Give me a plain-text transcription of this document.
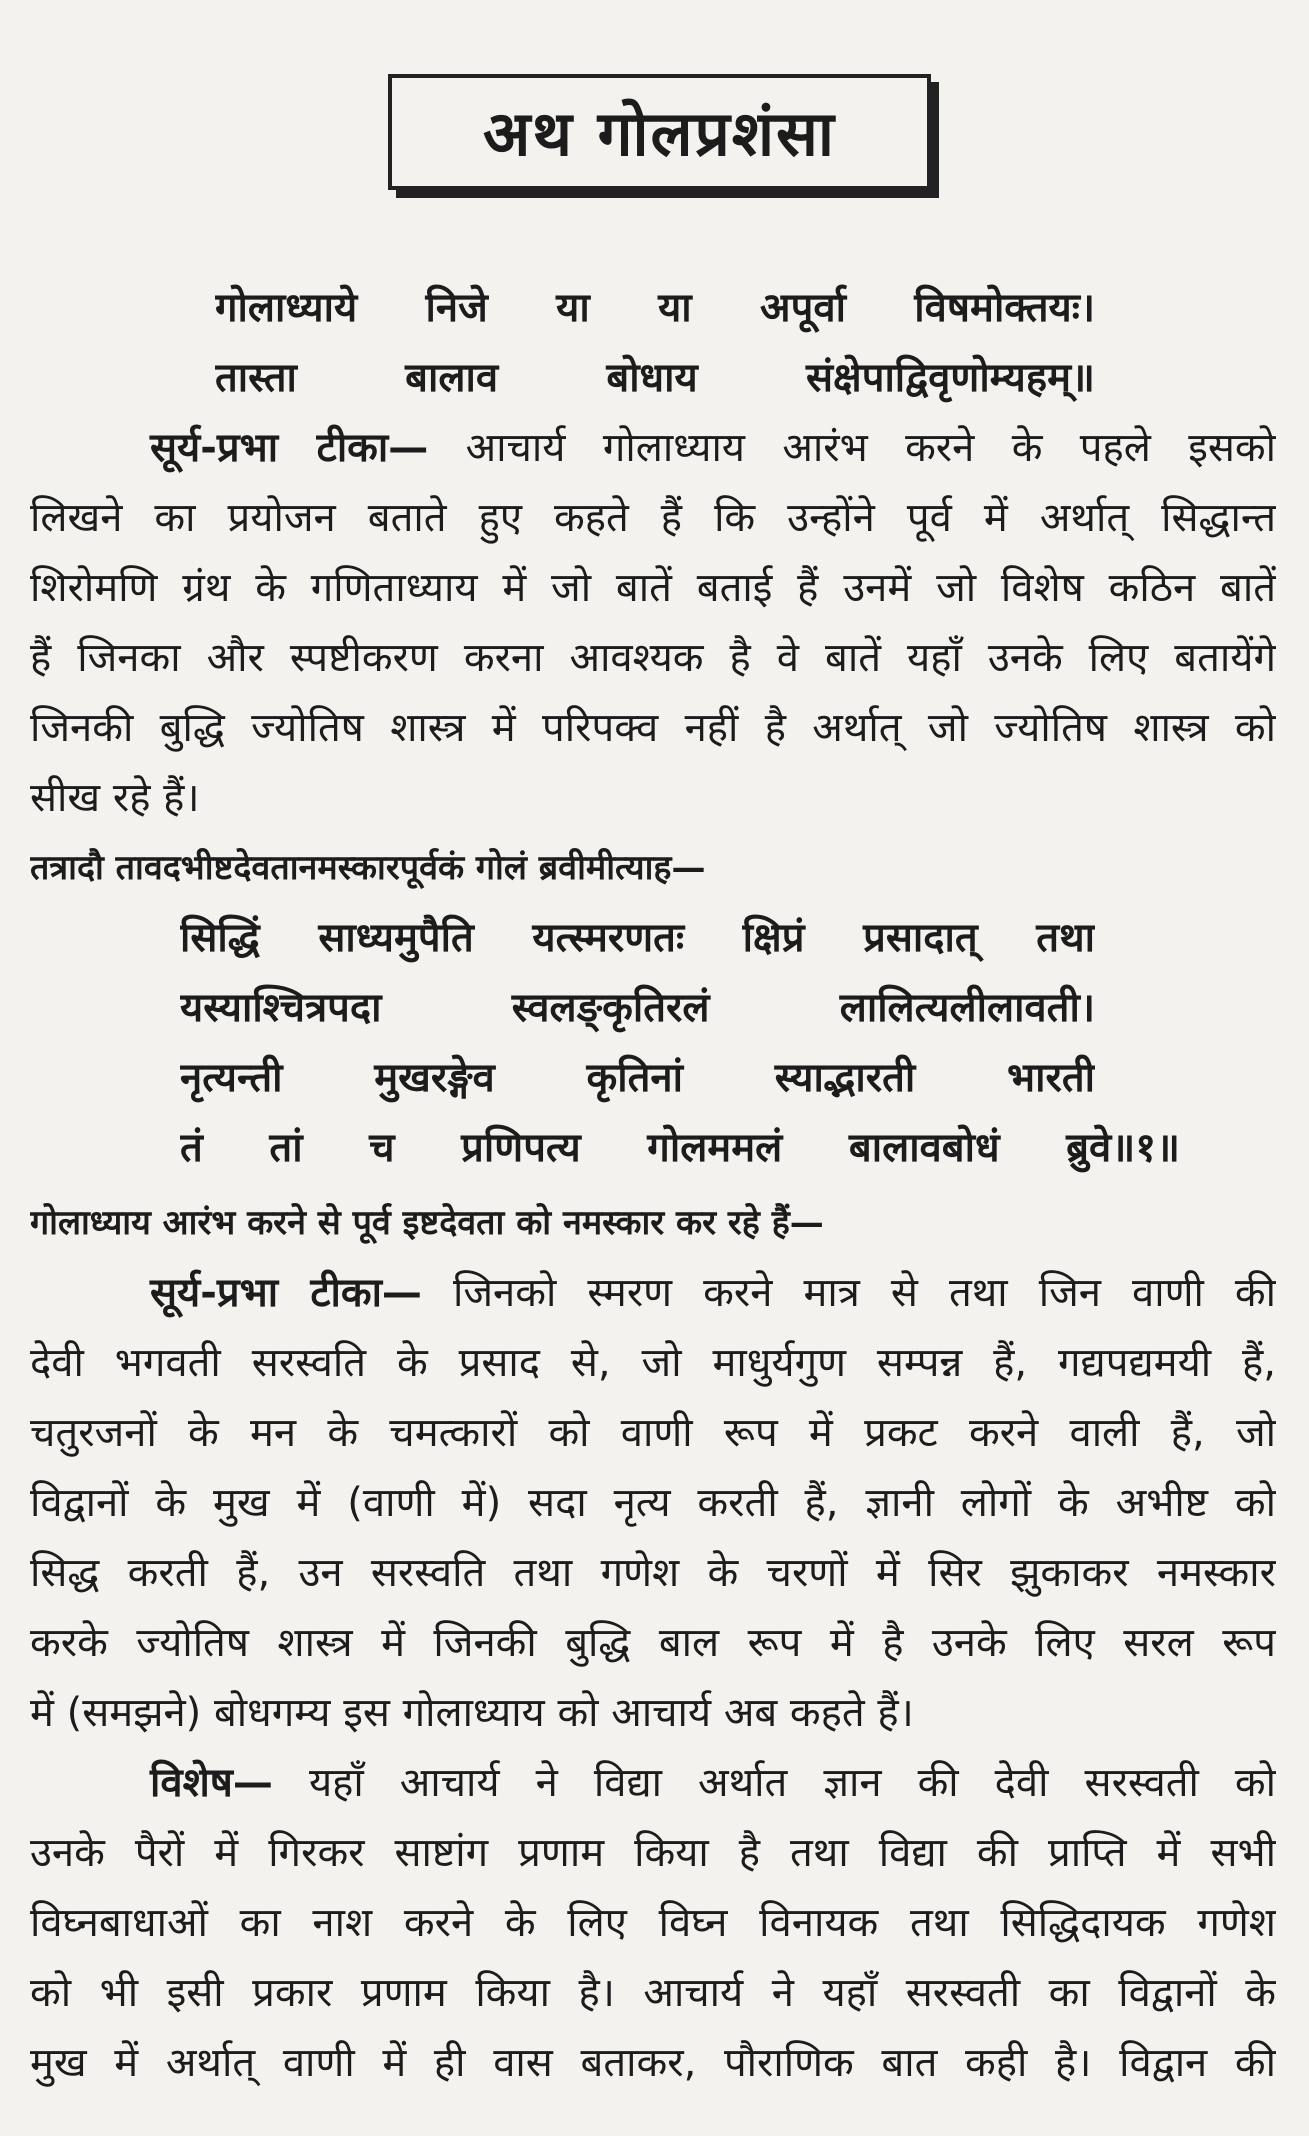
अथ गोलप्रशंसा
गोलाध्याये निजे या या अपूर्वा विषमोक्तयः।
तास्ता बालाव बोधाय संक्षेपाद्विवृणोम्यहम्॥
सूर्य-प्रभा टीका— आचार्य गोलाध्याय आरंभ करने के पहले इसको
लिखने का प्रयोजन बताते हुए कहते हैं कि उन्होंने पूर्व में अर्थात् सिद्धान्त
शिरोमणि ग्रंथ के गणिताध्याय में जो बातें बताई हैं उनमें जो विशेष कठिन बातें
हैं जिनका और स्पष्टीकरण करना आवश्यक है वे बातें यहाँ उनके लिए बतायेंगे
जिनकी बुद्धि ज्योतिष शास्त्र में परिपक्व नहीं है अर्थात् जो ज्योतिष शास्त्र को
सीख रहे हैं।
तत्रादौ तावदभीष्टदेवतानमस्कारपूर्वकं गोलं ब्रवीमीत्याह—
सिद्धिं साध्यमुपैति यत्स्मरणतः क्षिप्रं प्रसादात् तथा
यस्याश्चित्रपदा स्वलङ्कृतिरलं लालित्यलीलावती।
नृत्यन्ती मुखरङ्गेव कृतिनां स्याद्भारती भारती
तं तां च प्रणिपत्य गोलममलं बालावबोधं ब्रुवे॥१॥
गोलाध्याय आरंभ करने से पूर्व इष्टदेवता को नमस्कार कर रहे हैं—
सूर्य-प्रभा टीका— जिनको स्मरण करने मात्र से तथा जिन वाणी की
देवी भगवती सरस्वति के प्रसाद से, जो माधुर्यगुण सम्पन्न हैं, गद्यपद्यमयी हैं,
चतुरजनों के मन के चमत्कारों को वाणी रूप में प्रकट करने वाली हैं, जो
विद्वानों के मुख में (वाणी में) सदा नृत्य करती हैं, ज्ञानी लोगों के अभीष्ट को
सिद्ध करती हैं, उन सरस्वति तथा गणेश के चरणों में सिर झुकाकर नमस्कार
करके ज्योतिष शास्त्र में जिनकी बुद्धि बाल रूप में है उनके लिए सरल रूप
में (समझने) बोधगम्य इस गोलाध्याय को आचार्य अब कहते हैं।
विशेष— यहाँ आचार्य ने विद्या अर्थात ज्ञान की देवी सरस्वती को
उनके पैरों में गिरकर साष्टांग प्रणाम किया है तथा विद्या की प्राप्ति में सभी
विघ्नबाधाओं का नाश करने के लिए विघ्न विनायक तथा सिद्धिदायक गणेश
को भी इसी प्रकार प्रणाम किया है। आचार्य ने यहाँ सरस्वती का विद्वानों के
मुख में अर्थात् वाणी में ही वास बताकर, पौराणिक बात कही है। विद्वान की
